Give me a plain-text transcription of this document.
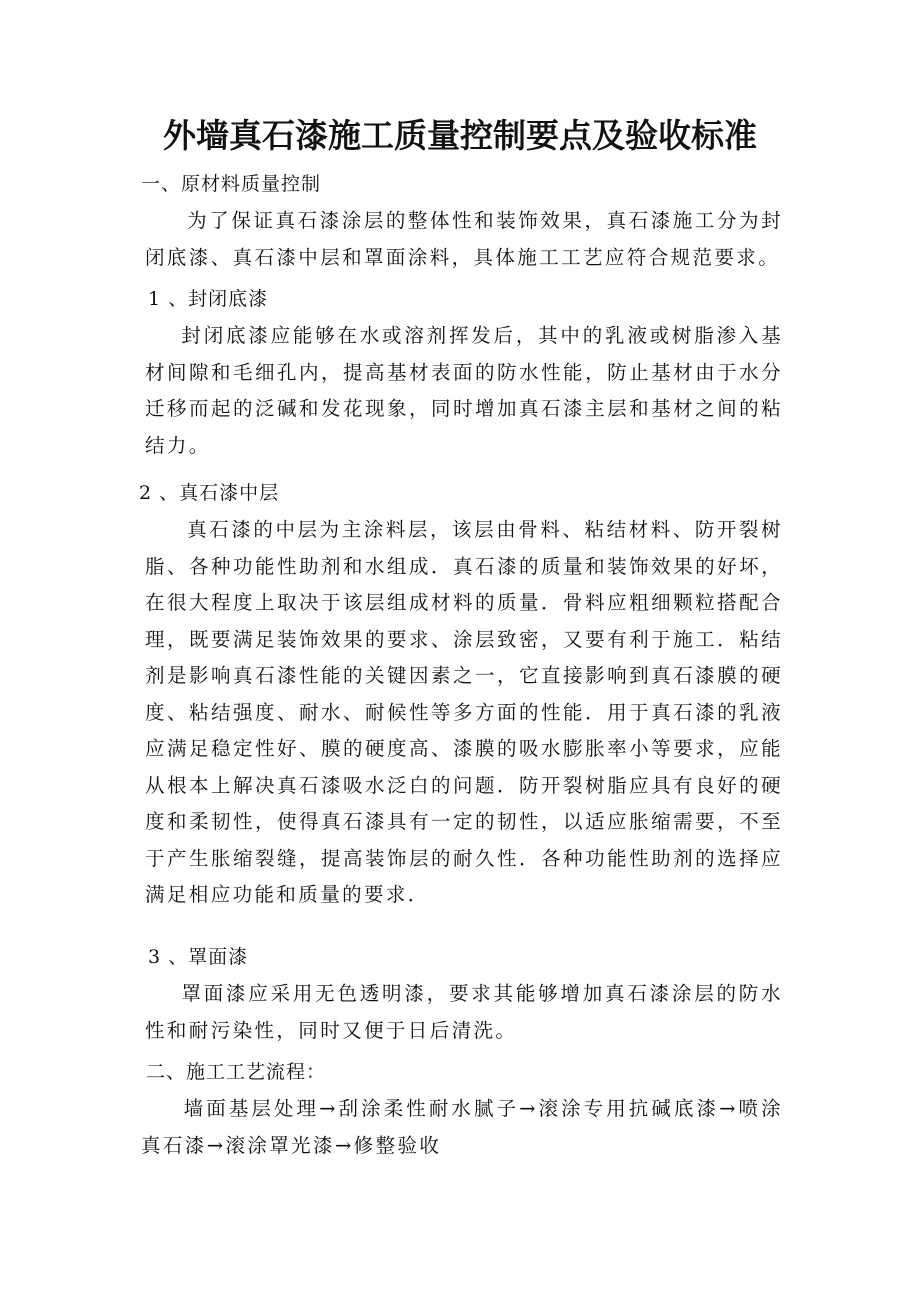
外墙真石漆施工质量控制要点及验收标准
一、原材料质量控制
为了保证真石漆涂层的整体性和装饰效果，真石漆施工分为封闭底漆、真石漆中层和罩面涂料，具体施工工艺应符合规范要求。
1 、封闭底漆
封闭底漆应能够在水或溶剂挥发后，其中的乳液或树脂渗入基材间隙和毛细孔内，提高基材表面的防水性能，防止基材由于水分迁移而起的泛碱和发花现象，同时增加真石漆主层和基材之间的粘结力。
2 、真石漆中层
真石漆的中层为主涂料层，该层由骨料、粘结材料、防开裂树脂、各种功能性助剂和水组成．真石漆的质量和装饰效果的好坏，在很大程度上取决于该层组成材料的质量．骨料应粗细颗粒搭配合理，既要满足装饰效果的要求、涂层致密，又要有利于施工．粘结剂是影响真石漆性能的关键因素之一，它直接影响到真石漆膜的硬度、粘结强度、耐水、耐候性等多方面的性能．用于真石漆的乳液应满足稳定性好、膜的硬度高、漆膜的吸水膨胀率小等要求，应能从根本上解决真石漆吸水泛白的问题．防开裂树脂应具有良好的硬度和柔韧性，使得真石漆具有一定的韧性，以适应胀缩需要，不至于产生胀缩裂缝，提高装饰层的耐久性．各种功能性助剂的选择应满足相应功能和质量的要求．
3 、罩面漆
罩面漆应采用无色透明漆，要求其能够增加真石漆涂层的防水性和耐污染性，同时又便于日后清洗。
二、施工工艺流程：
墙面基层处理→刮涂柔性耐水腻子→滚涂专用抗碱底漆→喷涂真石漆→滚涂罩光漆→修整验收
